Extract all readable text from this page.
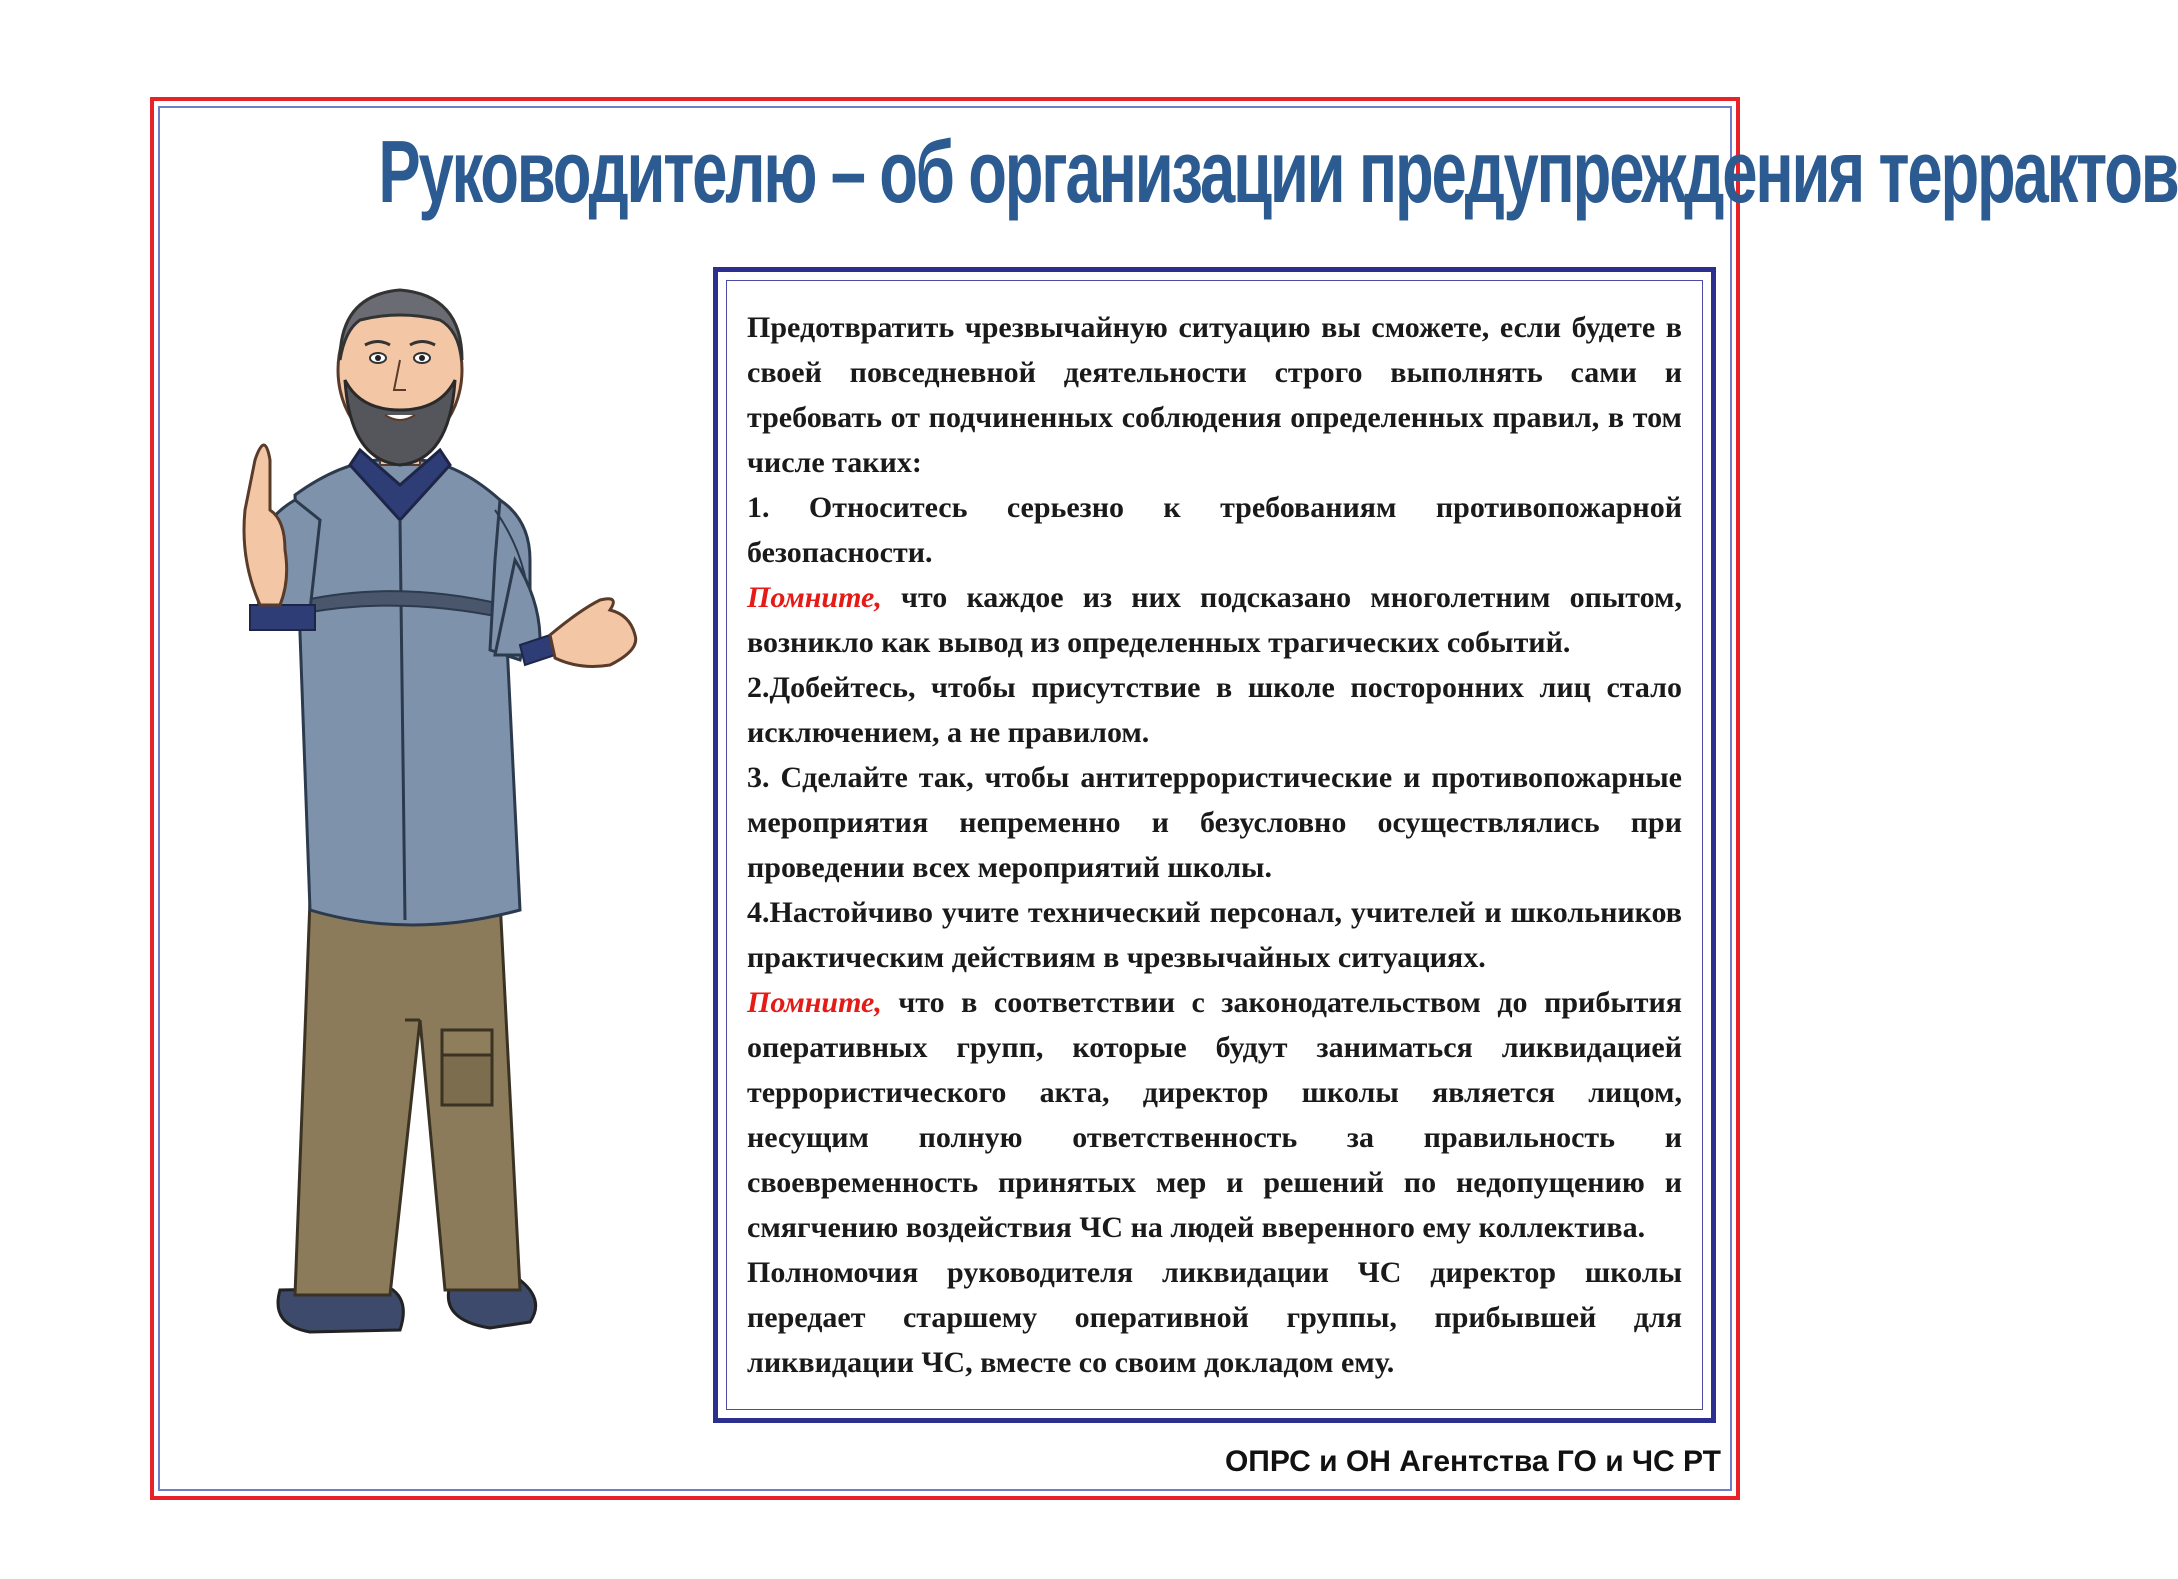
Руководителю – об организации предупреждения террактов

Предотвратить чрезвычайную ситуацию вы сможете, если будете в своей повседневной деятельности строго выполнять сами и требовать от подчиненных соблюдения определенных правил, в том числе таких:

1. Относитесь серьезно к требованиям противопожарной безопасности.

Помните, что каждое из них подсказано многолетним опытом, возникло как вывод из определенных трагических событий.

2.Добейтесь, чтобы присутствие в школе посторонних лиц стало исключением, а не правилом.

3. Сделайте так, чтобы антитеррористические и противопожарные мероприятия непременно и безусловно осуществлялись при проведении всех мероприятий школы.

4.Настойчиво учите технический персонал, учителей и школьников практическим действиям в чрезвычайных ситуациях.

Помните, что в соответствии с законодательством до прибытия оперативных групп, которые будут заниматься ликвидацией террористического акта, директор школы является лицом, несущим полную ответственность за правильность и своевременность принятых мер и решений по недопущению и смягчению воздействия ЧС на людей вверенного ему коллектива.

Полномочия руководителя ликвидации ЧС директор школы передает старшему оперативной группы, прибывшей для ликвидации ЧС, вместе со своим докладом ему.

ОПРС и ОН Агентства ГО и ЧС РТ
